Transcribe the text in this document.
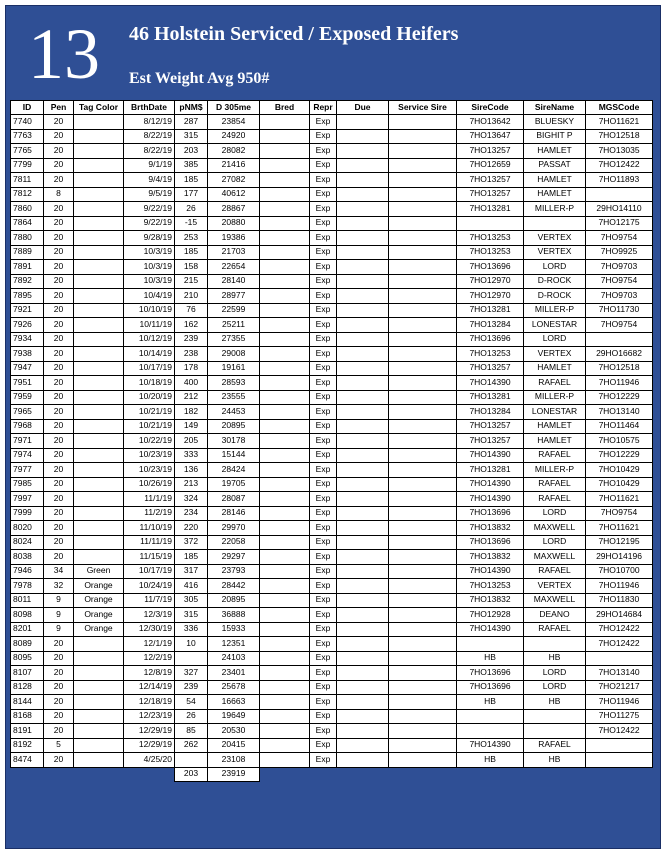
13 46 Holstein Serviced / Exposed Heifers
Est Weight Avg 950#
ID	Pen	Tag Color	BrthDate	pNM$	D 305me	Bred	Repr	Due	Service Sire	SireCode	SireName	MGSCode
7740	20		8/12/19	287	23854		Exp			7HO13642	BLUESKY	7HO11621
7763	20		8/22/19	315	24920		Exp			7HO13647	BIGHIT P	7HO12518
7765	20		8/22/19	203	28082		Exp			7HO13257	HAMLET	7HO13035
7799	20		9/1/19	385	21416		Exp			7HO12659	PASSAT	7HO12422
7811	20		9/4/19	185	27082		Exp			7HO13257	HAMLET	7HO11893
7812	8		9/5/19	177	40612		Exp			7HO13257	HAMLET	
7860	20		9/22/19	26	28867		Exp			7HO13281	MILLER-P	29HO14110
7864	20		9/22/19	-15	20880		Exp					7HO12175
7880	20		9/28/19	253	19386		Exp			7HO13253	VERTEX	7HO9754
7889	20		10/3/19	185	21703		Exp			7HO13253	VERTEX	7HO9925
7891	20		10/3/19	158	22654		Exp			7HO13696	LORD	7HO9703
7892	20		10/3/19	215	28140		Exp			7HO12970	D-ROCK	7HO9754
7895	20		10/4/19	210	28977		Exp			7HO12970	D-ROCK	7HO9703
7921	20		10/10/19	76	22599		Exp			7HO13281	MILLER-P	7HO11730
7926	20		10/11/19	162	25211		Exp			7HO13284	LONESTAR	7HO9754
7934	20		10/12/19	239	27355		Exp			7HO13696	LORD	
7938	20		10/14/19	238	29008		Exp			7HO13253	VERTEX	29HO16682
7947	20		10/17/19	178	19161		Exp			7HO13257	HAMLET	7HO12518
7951	20		10/18/19	400	28593		Exp			7HO14390	RAFAEL	7HO11946
7959	20		10/20/19	212	23555		Exp			7HO13281	MILLER-P	7HO12229
7965	20		10/21/19	182	24453		Exp			7HO13284	LONESTAR	7HO13140
7968	20		10/21/19	149	20895		Exp			7HO13257	HAMLET	7HO11464
7971	20		10/22/19	205	30178		Exp			7HO13257	HAMLET	7HO10575
7974	20		10/23/19	333	15144		Exp			7HO14390	RAFAEL	7HO12229
7977	20		10/23/19	136	28424		Exp			7HO13281	MILLER-P	7HO10429
7985	20		10/26/19	213	19705		Exp			7HO14390	RAFAEL	7HO10429
7997	20		11/1/19	324	28087		Exp			7HO14390	RAFAEL	7HO11621
7999	20		11/2/19	234	28146		Exp			7HO13696	LORD	7HO9754
8020	20		11/10/19	220	29970		Exp			7HO13832	MAXWELL	7HO11621
8024	20		11/11/19	372	22058		Exp			7HO13696	LORD	7HO12195
8038	20		11/15/19	185	29297		Exp			7HO13832	MAXWELL	29HO14196
7946	34	Green	10/17/19	317	23793		Exp			7HO14390	RAFAEL	7HO10700
7978	32	Orange	10/24/19	416	28442		Exp			7HO13253	VERTEX	7HO11946
8011	9	Orange	11/7/19	305	20895		Exp			7HO13832	MAXWELL	7HO11830
8098	9	Orange	12/3/19	315	36888		Exp			7HO12928	DEANO	29HO14684
8201	9	Orange	12/30/19	336	15933		Exp			7HO14390	RAFAEL	7HO12422
8089	20		12/1/19	10	12351		Exp					7HO12422
8095	20		12/2/19		24103		Exp			HB	HB	
8107	20		12/8/19	327	23401		Exp			7HO13696	LORD	7HO13140
8128	20		12/14/19	239	25678		Exp			7HO13696	LORD	7HO21217
8144	20		12/18/19	54	16663		Exp			HB	HB	7HO11946
8168	20		12/23/19	26	19649		Exp					7HO11275
8191	20		12/29/19	85	20530		Exp					7HO12422
8192	5		12/29/19	262	20415		Exp			7HO14390	RAFAEL	
8474	20		4/25/20		23108		Exp			HB	HB	
				203	23919							
